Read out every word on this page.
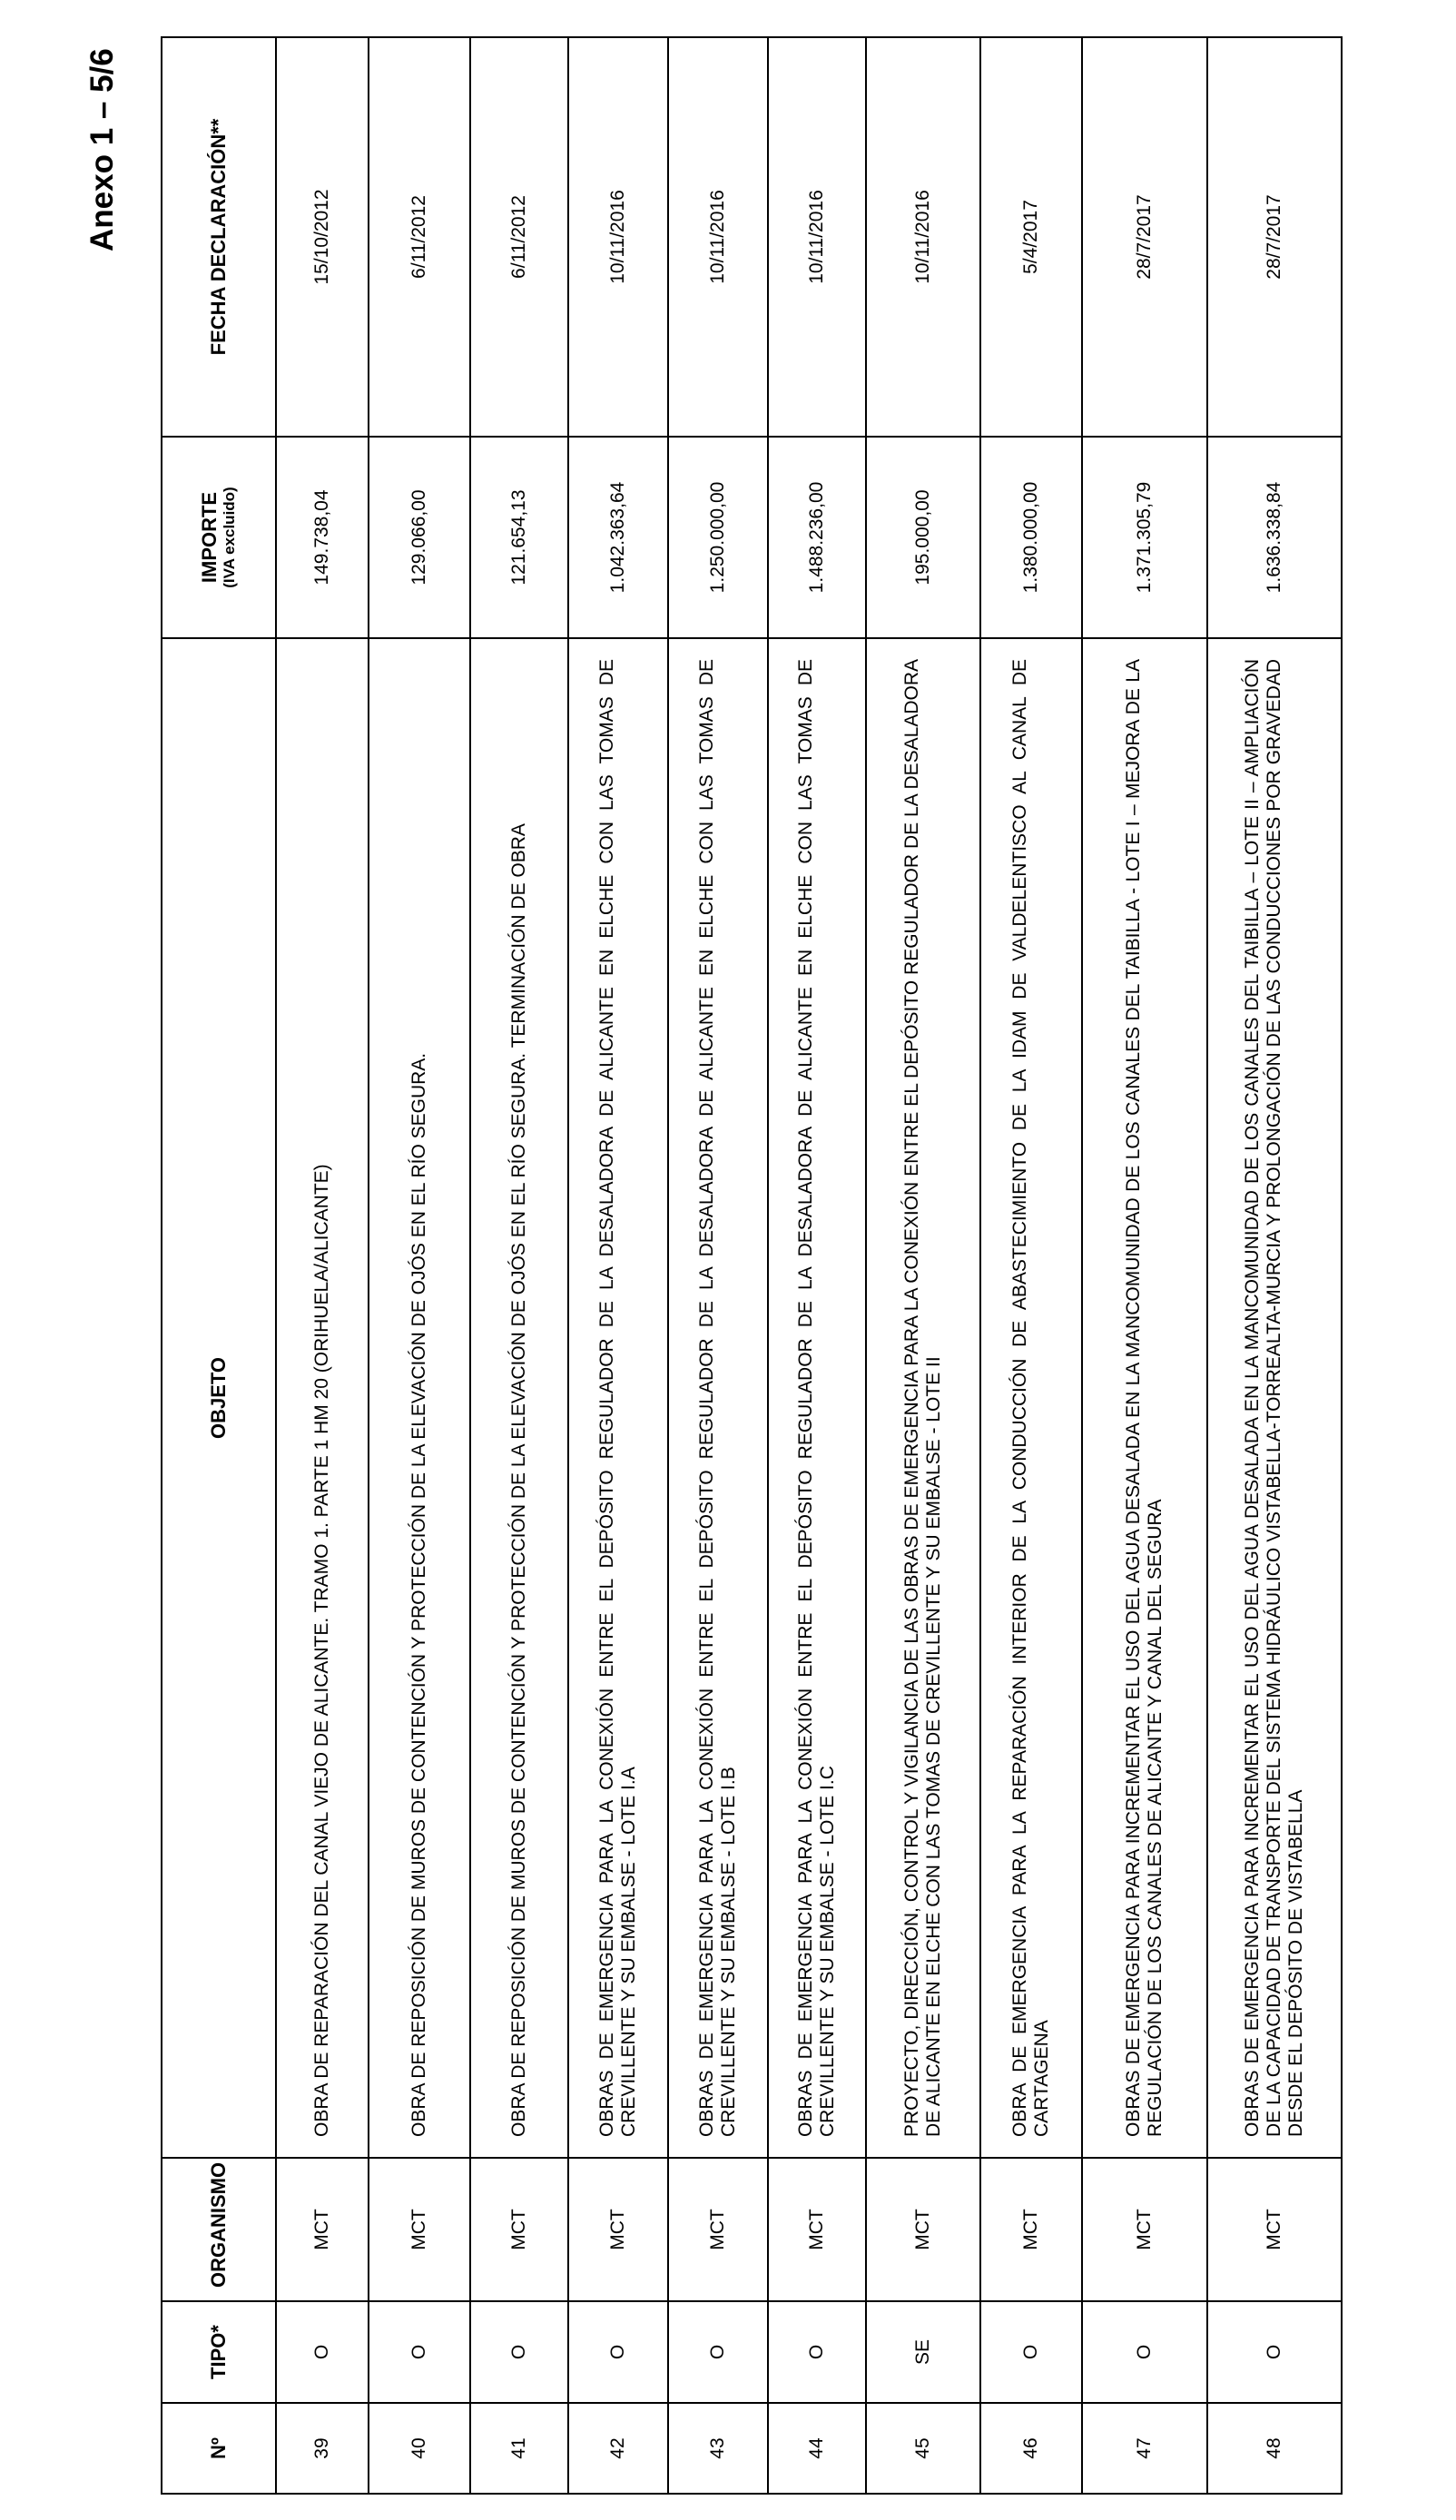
Anexo 1 – 5/6
Nº	TIPO*	ORGANISMO	OBJETO	IMPORTE (IVA excluido)	FECHA DECLARACIÓN**
39	O	MCT	OBRA DE REPARACIÓN DEL CANAL VIEJO DE ALICANTE. TRAMO 1. PARTE 1 HM 20 (ORIHUELA/ALICANTE)	149.738,04	15/10/2012
40	O	MCT	OBRA DE REPOSICIÓN DE MUROS DE CONTENCIÓN Y PROTECCIÓN DE LA ELEVACIÓN DE OJÓS EN EL RÍO SEGURA.	129.066,00	6/11/2012
41	O	MCT	OBRA DE REPOSICIÓN DE MUROS DE CONTENCIÓN Y PROTECCIÓN DE LA ELEVACIÓN DE OJÓS EN EL RÍO SEGURA. TERMINACIÓN DE OBRA	121.654,13	6/11/2012
42	O	MCT	OBRAS DE EMERGENCIA PARA LA CONEXIÓN ENTRE EL DEPÓSITO REGULADOR DE LA DESALADORA DE ALICANTE EN ELCHE CON LAS TOMAS DE CREVILLENTE Y SU EMBALSE - LOTE I.A	1.042.363,64	10/11/2016
43	O	MCT	OBRAS DE EMERGENCIA PARA LA CONEXIÓN ENTRE EL DEPÓSITO REGULADOR DE LA DESALADORA DE ALICANTE EN ELCHE CON LAS TOMAS DE CREVILLENTE Y SU EMBALSE - LOTE I.B	1.250.000,00	10/11/2016
44	O	MCT	OBRAS DE EMERGENCIA PARA LA CONEXIÓN ENTRE EL DEPÓSITO REGULADOR DE LA DESALADORA DE ALICANTE EN ELCHE CON LAS TOMAS DE CREVILLENTE Y SU EMBALSE - LOTE I.C	1.488.236,00	10/11/2016
45	SE	MCT	PROYECTO, DIRECCIÓN, CONTROL Y VIGILANCIA DE LAS OBRAS DE EMERGENCIA PARA LA CONEXIÓN ENTRE EL DEPÓSITO REGULADOR DE LA DESALADORA DE ALICANTE EN ELCHE CON LAS TOMAS DE CREVILLENTE Y SU EMBALSE - LOTE II	195.000,00	10/11/2016
46	O	MCT	OBRA DE EMERGENCIA PARA LA REPARACIÓN INTERIOR DE LA CONDUCCIÓN DE ABASTECIMIENTO DE LA IDAM DE VALDELENTISCO AL CANAL DE CARTAGENA	1.380.000,00	5/4/2017
47	O	MCT	OBRAS DE EMERGENCIA PARA INCREMENTAR EL USO DEL AGUA DESALADA EN LA MANCOMUNIDAD DE LOS CANALES DEL TAIBILLA - LOTE I – MEJORA DE LA REGULACIÓN DE LOS CANALES DE ALICANTE Y CANAL DEL SEGURA	1.371.305,79	28/7/2017
48	O	MCT	OBRAS DE EMERGENCIA PARA INCREMENTAR EL USO DEL AGUA DESALADA EN LA MANCOMUNIDAD DE LOS CANALES DEL TAIBILLA – LOTE II – AMPLIACIÓN DE LA CAPACIDAD DE TRANSPORTE DEL SISTEMA HIDRÁULICO VISTABELLA-TORREALTA-MURCIA Y PROLONGACIÓN DE LAS CONDUCCIONES POR GRAVEDAD DESDE EL DEPÓSITO DE VISTABELLA	1.636.338,84	28/7/2017
